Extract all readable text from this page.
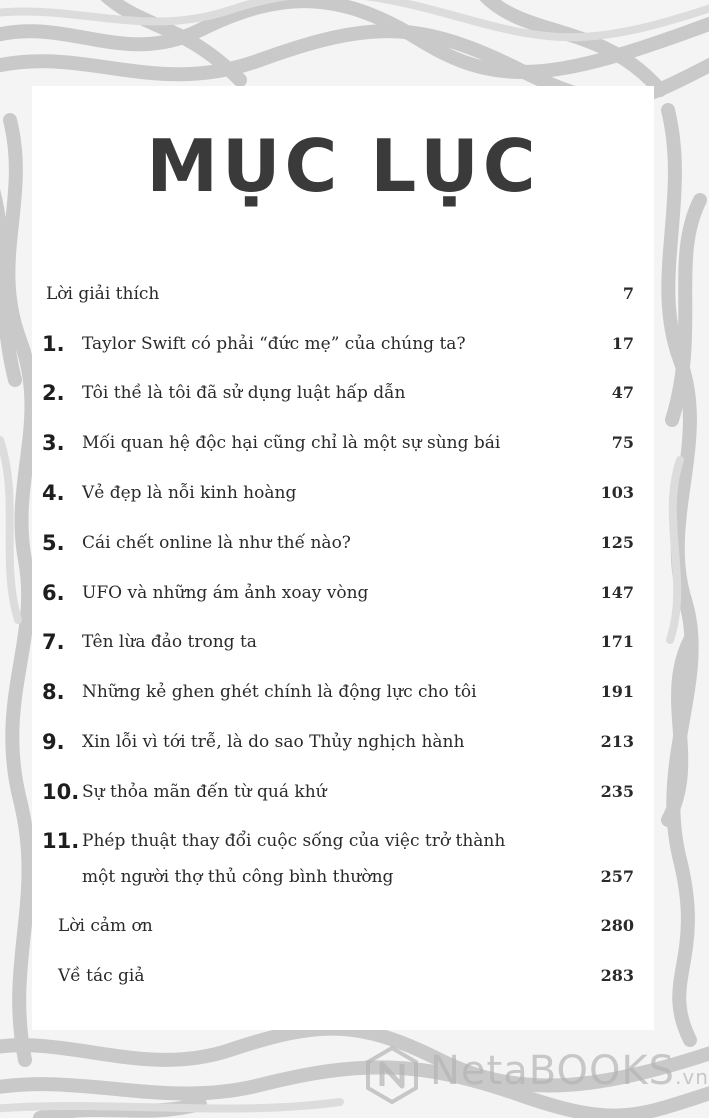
MỤC LỤC
Lời giải thích	7
1. Taylor Swift có phải “đức mẹ” của chúng ta?	17
2. Tôi thề là tôi đã sử dụng luật hấp dẫn	47
3. Mối quan hệ độc hại cũng chỉ là một sự sùng bái	75
4. Vẻ đẹp là nỗi kinh hoàng	103
5. Cái chết online là như thế nào?	125
6. UFO và những ám ảnh xoay vòng	147
7. Tên lừa đảo trong ta	171
8. Những kẻ ghen ghét chính là động lực cho tôi	191
9. Xin lỗi vì tới trễ, là do sao Thủy nghịch hành	213
10. Sự thỏa mãn đến từ quá khứ	235
11. Phép thuật thay đổi cuộc sống của việc trở thành
một người thợ thủ công bình thường	257
Lời cảm ơn	280
Về tác giả	283
NetaBOOKS.vn
